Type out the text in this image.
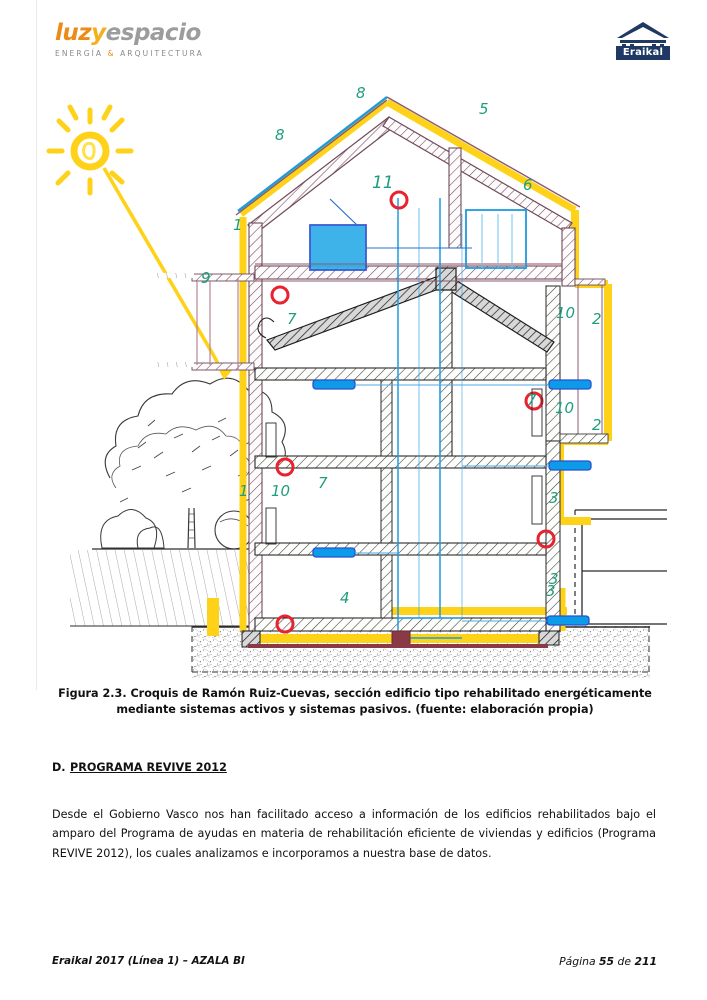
luzyespacio
ENERGÍA & ARQUITECTURA	Eraikal
1
8
8
5
6
9
7	10 2
7 10
2
1 10 7
3
3
3
4
11
Figura 2.3. Croquis de Ramón Ruiz-Cuevas, sección edificio tipo rehabilitado energéticamente mediante sistemas activos y sistemas pasivos. (fuente: elaboración propia)
D. PROGRAMA REVIVE 2012

Desde el Gobierno Vasco nos han facilitado acceso a información de los edificios rehabilitados bajo el amparo del Programa de ayudas en materia de rehabilitación eficiente de viviendas y edificios (Programa REVIVE 2012), los cuales analizamos e incorporamos a nuestra base de datos.

Eraikal 2017 (Línea 1) – AZALA BI	Página 55 de 211
